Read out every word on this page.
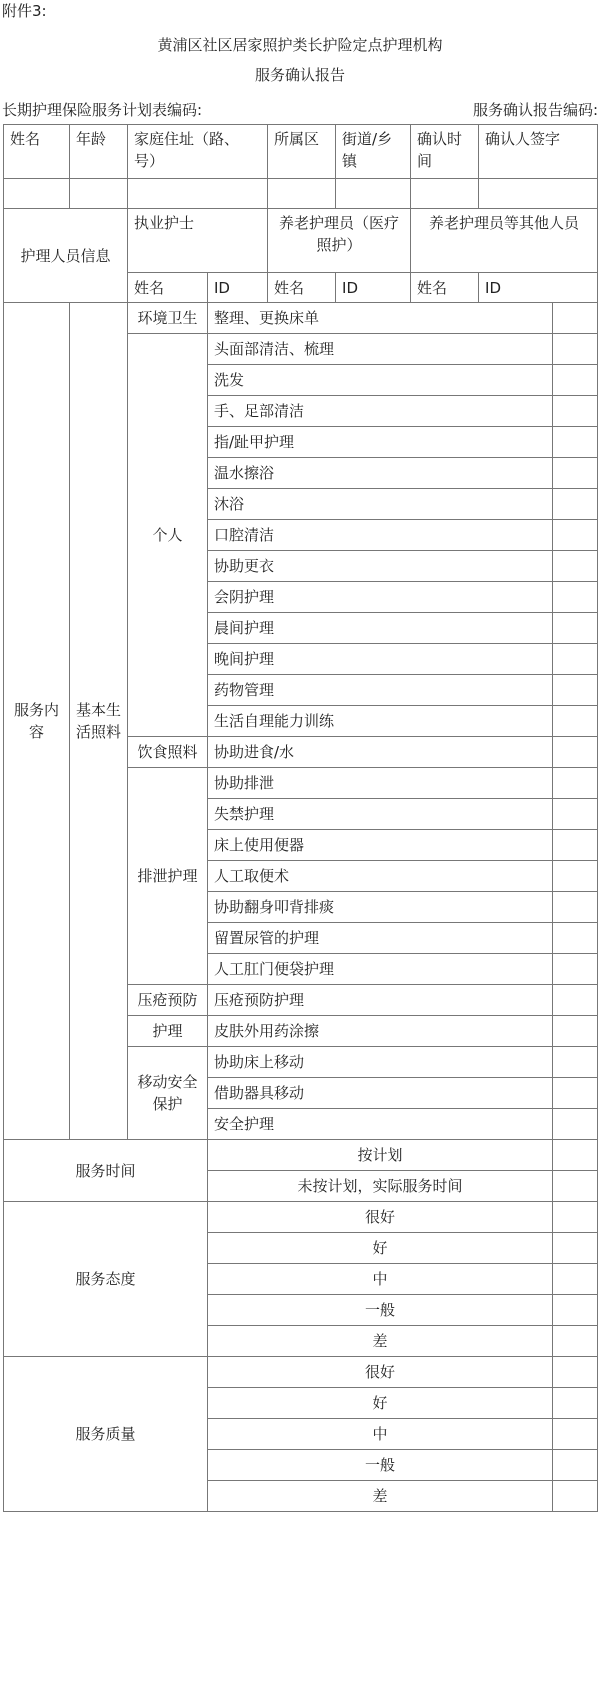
附件3:
黄浦区社区居家照护类长护险定点护理机构
服务确认报告
长期护理保险服务计划表编码:	服务确认报告编码:
姓名	年龄	家庭住址（路、号）		所属区	街道/乡镇	确认时间	确认人签字	

护理人员信息		执业护士		养老护理员（医疗照护）		养老护理员等其他人员		
		姓名	ID	姓名	ID	姓名	ID	
服务内容	基本生活照料	环境卫生	整理、更换床单					
		个人	头面部清洁、梳理					
			洗发					
			手、足部清洁					
			指/趾甲护理					
			温水擦浴					
			沐浴					
			口腔清洁					
			协助更衣					
			会阴护理					
			晨间护理					
			晚间护理					
			药物管理					
			生活自理能力训练					
		饮食照料	协助进食/水					
		排泄护理	协助排泄					
			失禁护理					
			床上使用便器					
			人工取便术					
			协助翻身叩背排痰					
			留置尿管的护理					
			人工肛门便袋护理					
		压疮预防	压疮预防护理					
		护理	皮肤外用药涂擦					
		移动安全保护	协助床上移动					
			借助器具移动					
			安全护理					
服务时间			按计划					
			未按计划，实际服务时间					
服务态度			很好					
			好					
			中					
			一般					
			差					
服务质量			很好					
			好					
			中					
			一般					
			差					
